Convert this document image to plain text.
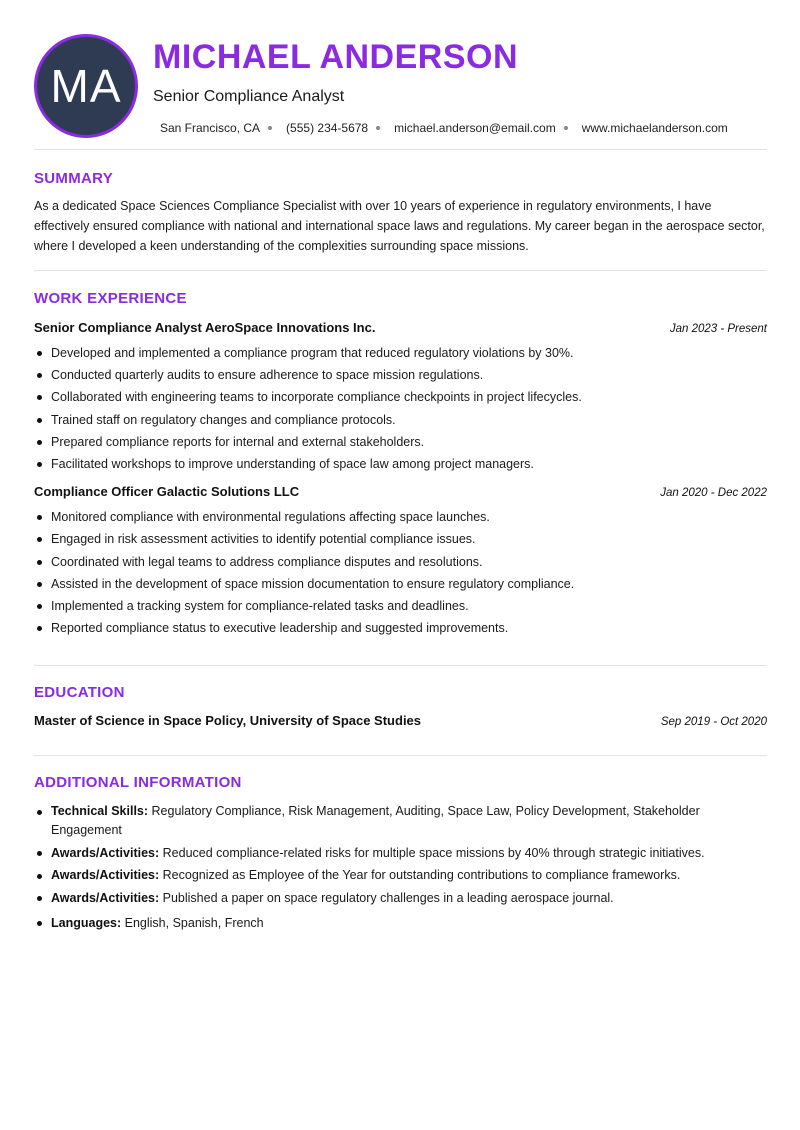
MA
MICHAEL ANDERSON
Senior Compliance Analyst
San Francisco, CA (555) 234-5678 michael.anderson@email.com www.michaelanderson.com
SUMMARY

As a dedicated Space Sciences Compliance Specialist with over 10 years of experience in regulatory environments, I have effectively ensured compliance with national and international space laws and regulations. My career began in the aerospace sector, where I developed a keen understanding of the complexities surrounding space missions.

WORK EXPERIENCE
Senior Compliance Analyst AeroSpace Innovations Inc.	Jan 2023 - Present
Developed and implemented a compliance program that reduced regulatory violations by 30%.
Conducted quarterly audits to ensure adherence to space mission regulations.
Collaborated with engineering teams to incorporate compliance checkpoints in project lifecycles.
Trained staff on regulatory changes and compliance protocols.
Prepared compliance reports for internal and external stakeholders.
Facilitated workshops to improve understanding of space law among project managers.
Compliance Officer Galactic Solutions LLC	Jan 2020 - Dec 2022
Monitored compliance with environmental regulations affecting space launches.
Engaged in risk assessment activities to identify potential compliance issues.
Coordinated with legal teams to address compliance disputes and resolutions.
Assisted in the development of space mission documentation to ensure regulatory compliance.
Implemented a tracking system for compliance-related tasks and deadlines.
Reported compliance status to executive leadership and suggested improvements.
EDUCATION
Master of Science in Space Policy, University of Space Studies	Sep 2019 - Oct 2020
ADDITIONAL INFORMATION
Technical Skills: Regulatory Compliance, Risk Management, Auditing, Space Law, Policy Development, Stakeholder Engagement
Awards/Activities: Reduced compliance-related risks for multiple space missions by 40% through strategic initiatives.
Awards/Activities: Recognized as Employee of the Year for outstanding contributions to compliance frameworks.
Awards/Activities: Published a paper on space regulatory challenges in a leading aerospace journal.
Languages: English, Spanish, French
